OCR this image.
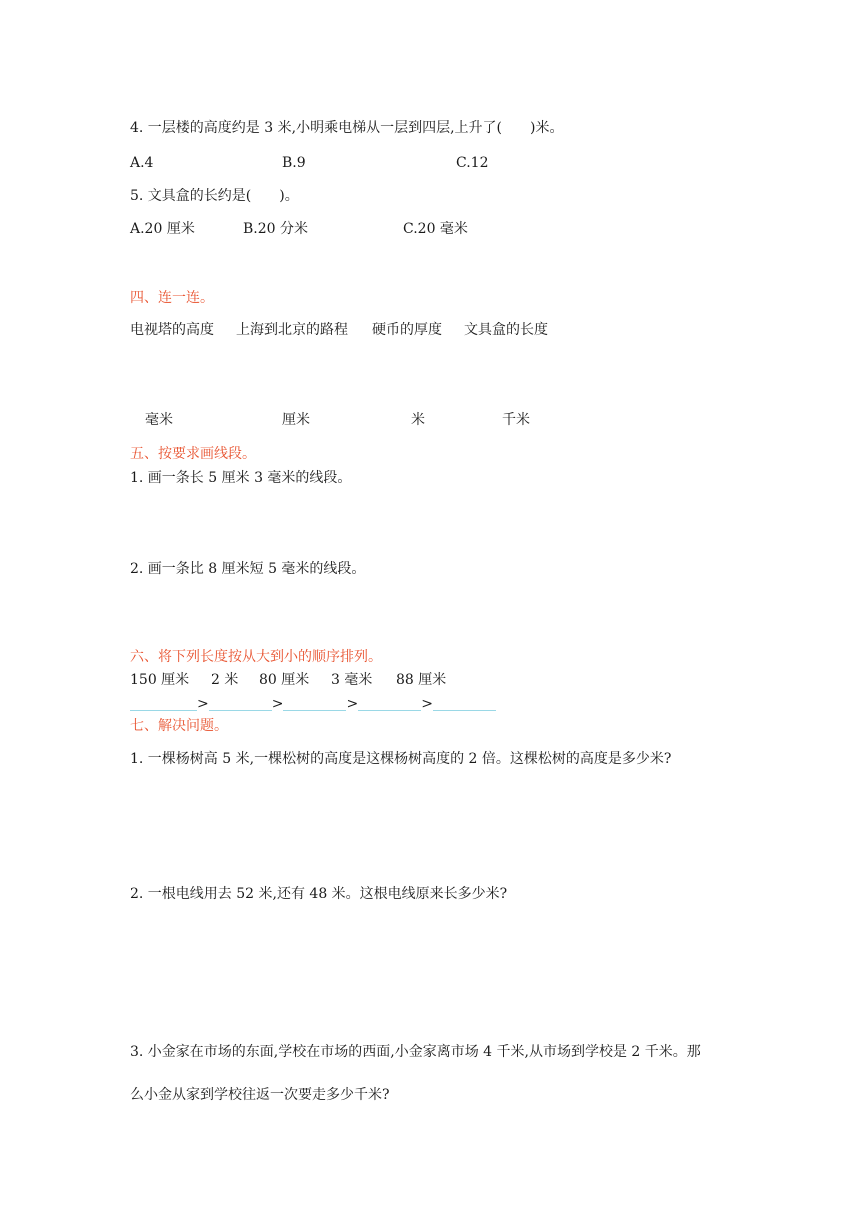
4. 一层楼的高度约是 3 米,小明乘电梯从一层到四层,上升了(　　)米。
A.4	B.9	C.12
5. 文具盒的长约是(　　)。
A.20 厘米	B.20 分米	C.20 毫米
四、连一连。
电视塔的高度 上海到北京的路程 硬币的厚度 文具盒的长度
毫米	厘米	米	千米
五、按要求画线段。
1. 画一条长 5 厘米 3 毫米的线段。
2. 画一条比 8 厘米短 5 毫米的线段。
六、将下列长度按从大到小的顺序排列。
150 厘米 2 米 80 厘米 3 毫米 88 厘米
>	>	>	>
七、解决问题。
1. 一棵杨树高 5 米,一棵松树的高度是这棵杨树高度的 2 倍。这棵松树的高度是多少米?
2. 一根电线用去 52 米,还有 48 米。这根电线原来长多少米?
3. 小金家在市场的东面,学校在市场的西面,小金家离市场 4 千米,从市场到学校是 2 千米。那
么小金从家到学校往返一次要走多少千米?
